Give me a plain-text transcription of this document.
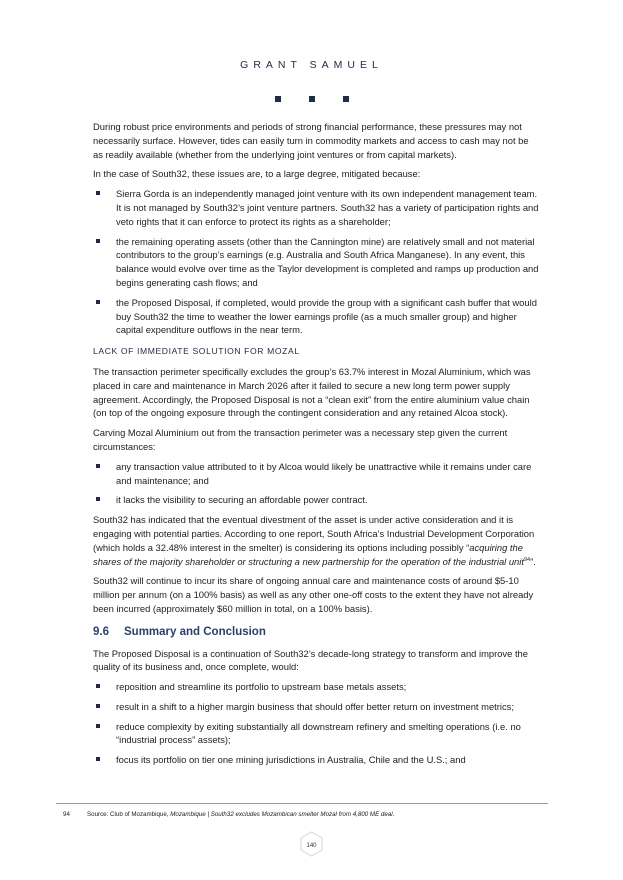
GRANT SAMUEL

During robust price environments and periods of strong financial performance, these pressures may not necessarily surface. However, tides can easily turn in commodity markets and access to cash may not be as readily available (whether from the underlying joint ventures or from capital markets).

In the case of South32, these issues are, to a large degree, mitigated because:

Sierra Gorda is an independently managed joint venture with its own independent management team. It is not managed by South32’s joint venture partners. South32 has a variety of participation rights and veto rights that it can enforce to protect its rights as a shareholder;
the remaining operating assets (other than the Cannington mine) are relatively small and not material contributors to the group’s earnings (e.g. Australia and South Africa Manganese). In any event, this balance would evolve over time as the Taylor development is completed and ramps up production and begins generating cash flows; and
the Proposed Disposal, if completed, would provide the group with a significant cash buffer that would buy South32 the time to weather the lower earnings profile (as a much smaller group) and higher capital expenditure outflows in the near term.
LACK OF IMMEDIATE SOLUTION FOR MOZAL

The transaction perimeter specifically excludes the group’s 63.7% interest in Mozal Aluminium, which was placed in care and maintenance in March 2026 after it failed to secure a new long term power supply agreement. Accordingly, the Proposed Disposal is not a “clean exit” from the entire aluminium value chain (on top of the ongoing exposure through the contingent consideration and any retained Alcoa stock).

Carving Mozal Aluminium out from the transaction perimeter was a necessary step given the current circumstances:

any transaction value attributed to it by Alcoa would likely be unattractive while it remains under care and maintenance; and
it lacks the visibility to securing an affordable power contract.

South32 has indicated that the eventual divestment of the asset is under active consideration and it is engaging with potential parties. According to one report, South Africa’s Industrial Development Corporation (which holds a 32.48% interest in the smelter) is considering its options including possibly “acquiring the shares of the majority shareholder or structuring a new partnership for the operation of the industrial unit$^{94}$”.

South32 will continue to incur its share of ongoing annual care and maintenance costs of around $5-10 million per annum (on a 100% basis) as well as any other one-off costs to the extent they have not already been incurred (approximately $60 million in total, on a 100% basis).

9.6 Summary and Conclusion

The Proposed Disposal is a continuation of South32’s decade-long strategy to transform and improve the quality of its business and, once complete, would:

reposition and streamline its portfolio to upstream base metals assets;
result in a shift to a higher margin business that should offer better return on investment metrics;
reduce complexity by exiting substantially all downstream refinery and smelting operations (i.e. no “industrial process” assets);
focus its portfolio on tier one mining jurisdictions in Australia, Chile and the U.S.; and
94	Source: Club of Mozambique, Mozambique | South32 excludes Mozambican smelter Mozal from 4,800 ME deal.
140
